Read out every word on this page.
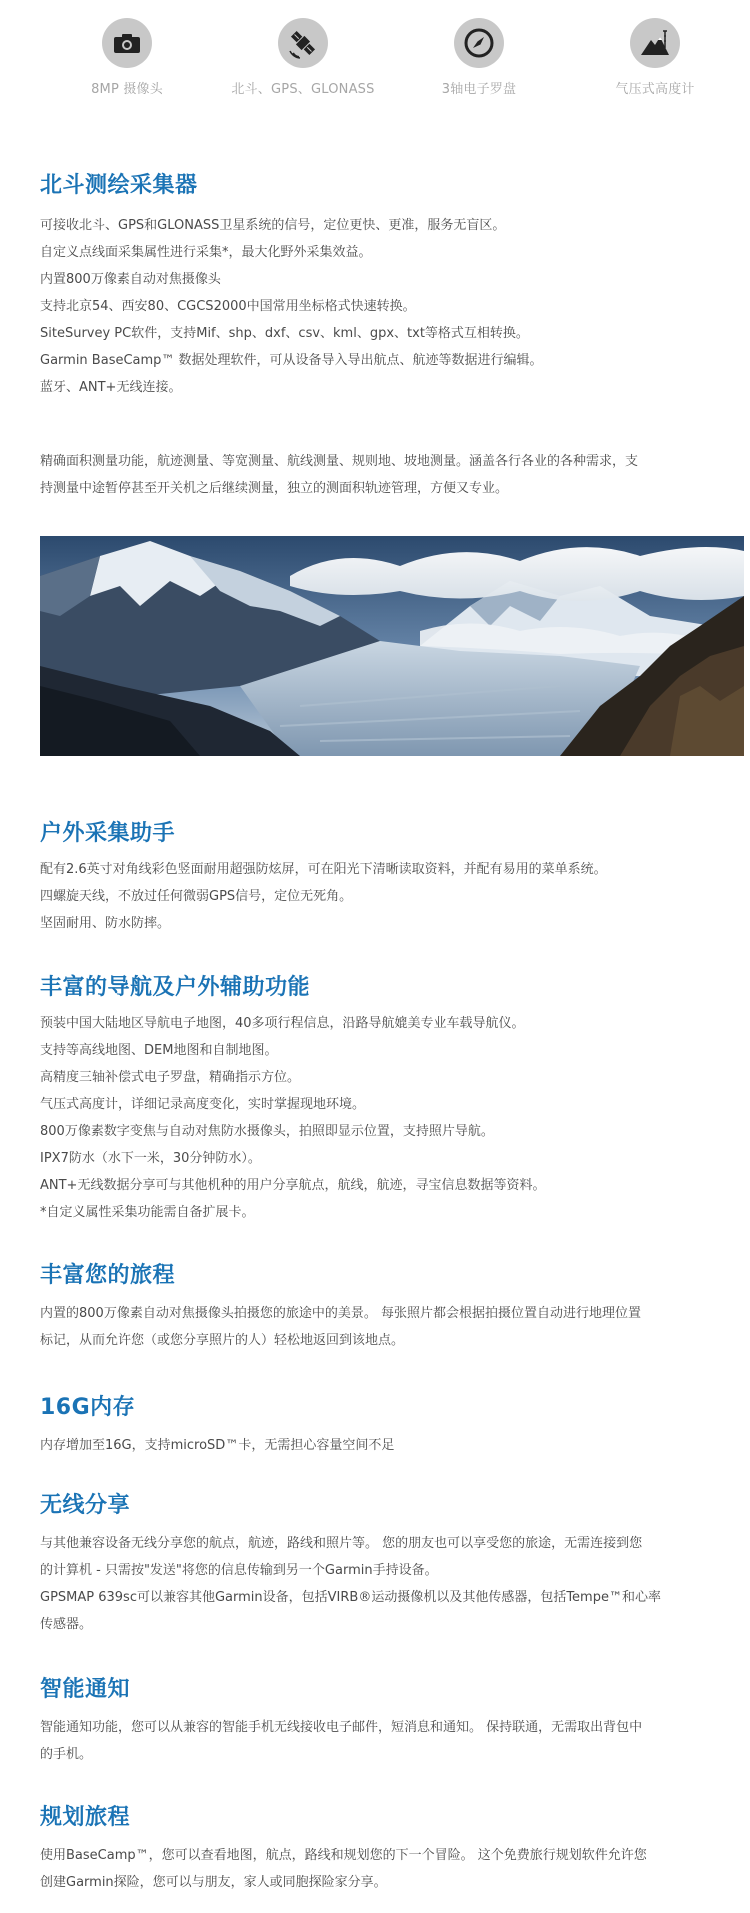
8MP 摄像头	北斗、GPS、GLONASS	3轴电子罗盘	气压式高度计
北斗测绘采集器
可接收北斗、GPS和GLONASS卫星系统的信号，定位更快、更准，服务无盲区。
自定义点线面采集属性进行采集*，最大化野外采集效益。
内置800万像素自动对焦摄像头
支持北京54、西安80、CGCS2000中国常用坐标格式快速转换。
SiteSurvey PC软件，支持Mif、shp、dxf、csv、kml、gpx、txt等格式互相转换。
Garmin BaseCamp™ 数据处理软件，可从设备导入导出航点、航迹等数据进行编辑。
蓝牙、ANT+无线连接。
精确面积测量功能，航迹测量、等宽测量、航线测量、规则地、坡地测量。涵盖各行各业的各种需求，支
持测量中途暂停甚至开关机之后继续测量，独立的测面积轨迹管理，方便又专业。
户外采集助手
配有2.6英寸对角线彩色竖面耐用超强防炫屏，可在阳光下清晰读取资料，并配有易用的菜单系统。
四螺旋天线，不放过任何微弱GPS信号，定位无死角。
坚固耐用、防水防摔。
丰富的导航及户外辅助功能
预装中国大陆地区导航电子地图，40多项行程信息，沿路导航媲美专业车载导航仪。
支持等高线地图、DEM地图和自制地图。
高精度三轴补偿式电子罗盘，精确指示方位。
气压式高度计，详细记录高度变化，实时掌握现地环境。
800万像素数字变焦与自动对焦防水摄像头，拍照即显示位置，支持照片导航。
IPX7防水（水下一米，30分钟防水）。
ANT+无线数据分享可与其他机种的用户分享航点，航线，航迹，寻宝信息数据等资料。
*自定义属性采集功能需自备扩展卡。
丰富您的旅程
内置的800万像素自动对焦摄像头拍摄您的旅途中的美景。 每张照片都会根据拍摄位置自动进行地理位置
标记，从而允许您（或您分享照片的人）轻松地返回到该地点。
16G内存
内存增加至16G，支持microSD™卡，无需担心容量空间不足
无线分享
与其他兼容设备无线分享您的航点，航迹，路线和照片等。 您的朋友也可以享受您的旅途，无需连接到您
的计算机 - 只需按"发送"将您的信息传输到另一个Garmin手持设备。
GPSMAP 639sc可以兼容其他Garmin设备，包括VIRB®运动摄像机以及其他传感器，包括Tempe™和心率
传感器。
智能通知
智能通知功能，您可以从兼容的智能手机无线接收电子邮件，短消息和通知。 保持联通，无需取出背包中
的手机。
规划旅程
使用BaseCamp™，您可以查看地图，航点，路线和规划您的下一个冒险。 这个免费旅行规划软件允许您
创建Garmin探险，您可以与朋友，家人或同胞探险家分享。
